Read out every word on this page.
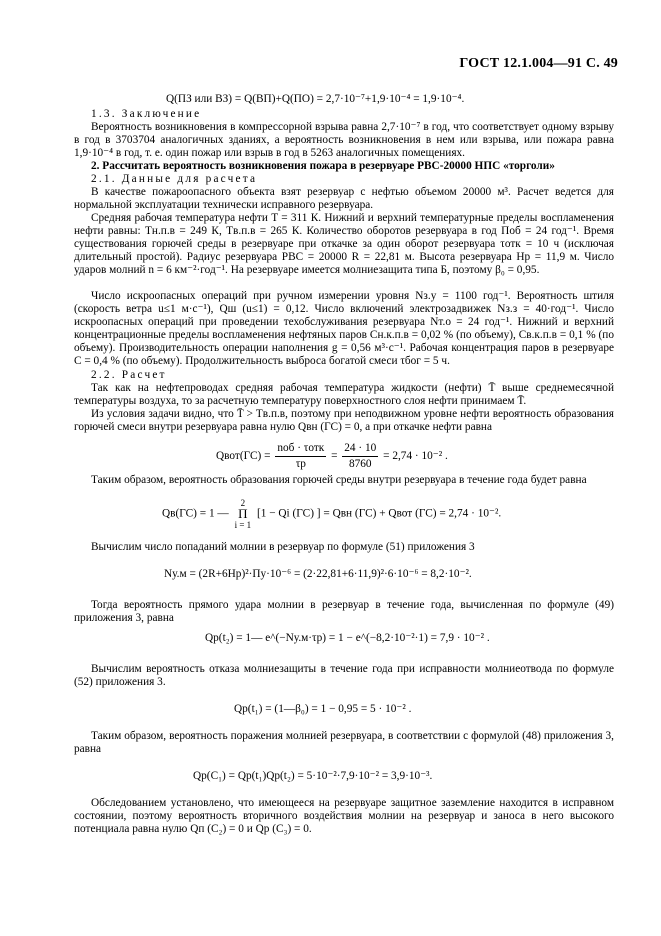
ГОСТ 12.1.004—91 С. 49
Q(ПЗ или ВЗ) = Q(ВП)+Q(ПО) = 2,7·10⁻⁷+1,9·10⁻⁴ = 1,9·10⁻⁴.
1.3. Заключение
Вероятность возникновения в компрессорной взрыва равна 2,7·10⁻⁷ в год, что соответствует одному взрыву в год в 3703704 аналогичных зданиях, а вероятность возникновения в нем или взрыва, или пожара равна 1,9·10⁻⁴ в год, т. е. один пожар или взрыв в год в 5263 аналогичных помещениях.
2. Рассчитать вероятность возникновения пожара в резервуаре РВС-20000 НПС «торголи»
2.1. Данные для расчета
В качестве пожароопасного объекта взят резервуар с нефтью объемом 20000 м³. Расчет ведется для нормальной эксплуатации технически исправного резервуара.
Средняя рабочая температура нефти T = 311 К. Нижний и верхний температурные пределы воспламенения нефти равны: Tн.п.в = 249 К, Tв.п.в = 265 К. Количество оборотов резервуара в год Поб = 24 год⁻¹. Время существования горючей среды в резервуаре при откачке за один оборот резервуара τотк = 10 ч (исключая длительный простой). Радиус резервуара РВС = 20000 R = 22,81 м. Высота резервуара Hр = 11,9 м. Число ударов молний n = 6 км⁻²·год⁻¹. На резервуаре имеется молниезащита типа Б, поэтому β₀ = 0,95.
Число искроопасных операций при ручном измерении уровня Nз.у = 1100 год⁻¹. Вероятность штиля (скорость ветра u≤1 м·с⁻¹), Qш (u≤1) = 0,12. Число включений электрозадвижек Nз.з = 40·год⁻¹. Число искроопасных операций при проведении техобслуживания резервуара Nт.о = 24 год⁻¹. Нижний и верхний концентрационные пределы воспламенения нефтяных паров Cн.к.п.в = 0,02 % (по объему), Cв.к.п.в = 0,1 % (по объему). Производительность операции наполнения g = 0,56 м³·с⁻¹. Рабочая концентрация паров в резервуаре C = 0,4 % (по объему). Продолжительность выброса богатой смеси τбог = 5 ч.
2.2. Расчет
Так как на нефтепроводах средняя рабочая температура жидкости (нефти) T̄ выше среднемесячной температуры воздуха, то за расчетную температуру поверхностного слоя нефти принимаем T̄.
Из условия задачи видно, что T̄ > Tв.п.в, поэтому при неподвижном уровне нефти вероятность образования горючей смеси внутри резервуара равна нулю Qвн (ГС) = 0, а при откачке нефти равна
Qвот(ГС) = $\frac{\text{nоб · τотк}}{\tau р} = \frac{24 \cdot 10}{8760} = 2,74 \cdot 10^{-2}$ .
Таким образом, вероятность образования горючей среды внутри резервуара в течение года будет равна
Qв(ГС) = 1 — 2
Π
i = 1 [1 − Qi (ГС) ] = Qвн (ГС) + Qвот (ГС) = 2,74 · 10⁻².
Вычислим число попаданий молнии в резервуар по формуле (51) приложения 3
Nу.м = (2R+6Hр)²·Пу·10⁻⁶ = (2·22,81+6·11,9)²·6·10⁻⁶ = 8,2·10⁻².
Тогда вероятность прямого удара молнии в резервуар в течение года, вычисленная по формуле (49) приложения 3, равна
Qр(t₂) = 1— e^(−Nу.м·τр) = 1 − e^(−8,2·10⁻²·1) = 7,9 · 10⁻² .
Вычислим вероятность отказа молниезащиты в течение года при исправности молниеотвода по формуле (52) приложения 3.
Qр(t₁) = (1—β₀) = 1 − 0,95 = 5 · 10⁻² .
Таким образом, вероятность поражения молнией резервуара, в соответствии с формулой (48) приложения 3, равна
Qр(C₁) = Qр(t₁)Qр(t₂) = 5·10⁻²·7,9·10⁻² = 3,9·10⁻³.
Обследованием установлено, что имеющееся на резервуаре защитное заземление находится в исправном состоянии, поэтому вероятность вторичного воздействия молнии на резервуар и заноса в него высокого потенциала равна нулю Qп (C₂) = 0 и Qр (C₃) = 0.
